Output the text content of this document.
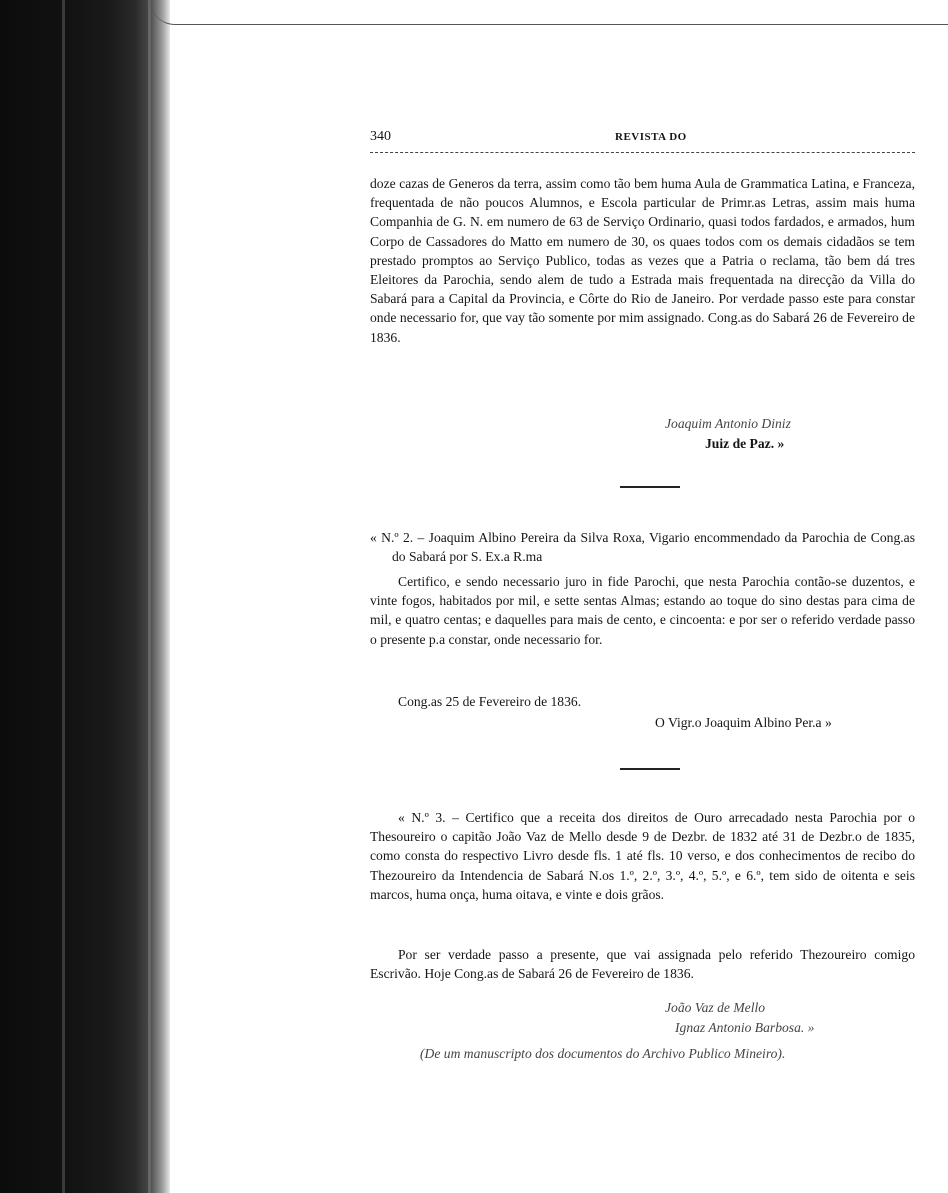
340	REVISTA DO

doze cazas de Generos da terra, assim como tão bem huma Aula de Grammatica Latina, e Franceza, frequentada de não poucos Alumnos, e Escola particular de Primr.as Letras, assim mais huma Companhia de G. N. em numero de 63 de Serviço Ordinario, quasi todos fardados, e armados, hum Corpo de Cassadores do Matto em numero de 30, os quaes todos com os demais cidadãos se tem prestado promptos ao Serviço Publico, todas as vezes que a Patria o reclama, tão bem dá tres Eleitores da Parochia, sendo alem de tudo a Estrada mais frequentada na direcção da Villa do Sabará para a Capital da Provincia, e Côrte do Rio de Janeiro. Por verdade passo este para constar onde necessario for, que vay tão somente por mim assignado. Cong.as do Sabará 26 de Fevereiro de 1836.

Joaquim Antonio Diniz
Juiz de Paz. »

« N.º 2. – Joaquim Albino Pereira da Silva Roxa, Vigario encommendado da Parochia de Cong.as do Sabará por S. Ex.a R.ma

Certifico, e sendo necessario juro in fide Parochi, que nesta Parochia contão-se duzentos, e vinte fogos, habitados por mil, e sette sentas Almas; estando ao toque do sino destas para cima de mil, e quatro centas; e daquelles para mais de cento, e cincoenta: e por ser o referido verdade passo o presente p.a constar, onde necessario for.

Cong.as 25 de Fevereiro de 1836.
O Vigr.o Joaquim Albino Per.a »

« N.º 3. – Certifico que a receita dos direitos de Ouro arrecadado nesta Parochia por o Thesoureiro o capitão João Vaz de Mello desde 9 de Dezbr. de 1832 até 31 de Dezbr.o de 1835, como consta do respectivo Livro desde fls. 1 até fls. 10 verso, e dos conhecimentos de recibo do Thezoureiro da Intendencia de Sabará N.os 1.º, 2.º, 3.º, 4.º, 5.º, e 6.º, tem sido de oitenta e seis marcos, huma onça, huma oitava, e vinte e dois grãos.

Por ser verdade passo a presente, que vai assignada pelo referido Thezoureiro comigo Escrivão. Hoje Cong.as de Sabará 26 de Fevereiro de 1836.

João Vaz de Mello
Ignaz Antonio Barbosa. »
(De um manuscripto dos documentos do Archivo Publico Mineiro).
